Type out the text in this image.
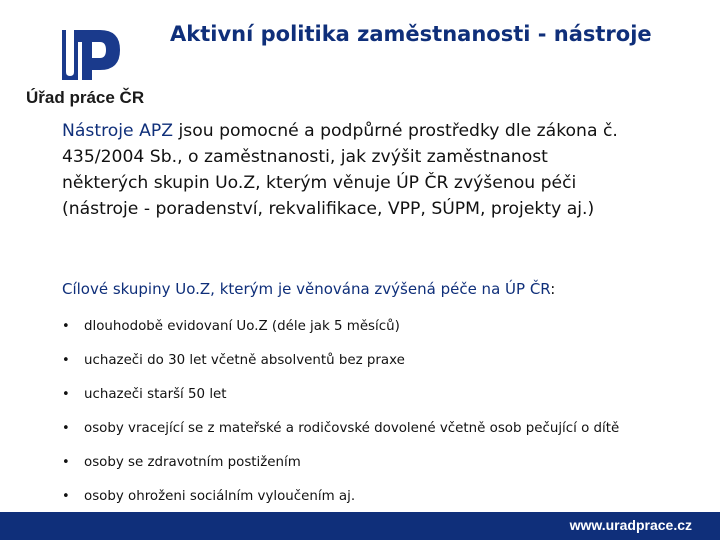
Úřad práce ČR
Aktivní politika zaměstnanosti - nástroje
Nástroje APZ jsou pomocné a podpůrné prostředky dle zákona č.
435/2004 Sb., o zaměstnanosti, jak zvýšit zaměstnanost
některých skupin Uo.Z, kterým věnuje ÚP ČR zvýšenou péči
(nástroje - poradenství, rekvalifikace, VPP, SÚPM, projekty aj.)
Cílové skupiny Uo.Z, kterým je věnována zvýšená péče na ÚP ČR:
• dlouhodobě evidovaní Uo.Z (déle jak 5 měsíců)
• uchazeči do 30 let včetně absolventů bez praxe
• uchazeči starší 50 let
• osoby vracející se z mateřské a rodičovské dovolené včetně osob pečující o dítě
• osoby se zdravotním postižením
• osoby ohroženi sociálním vyloučením aj.
www.uradprace.cz
